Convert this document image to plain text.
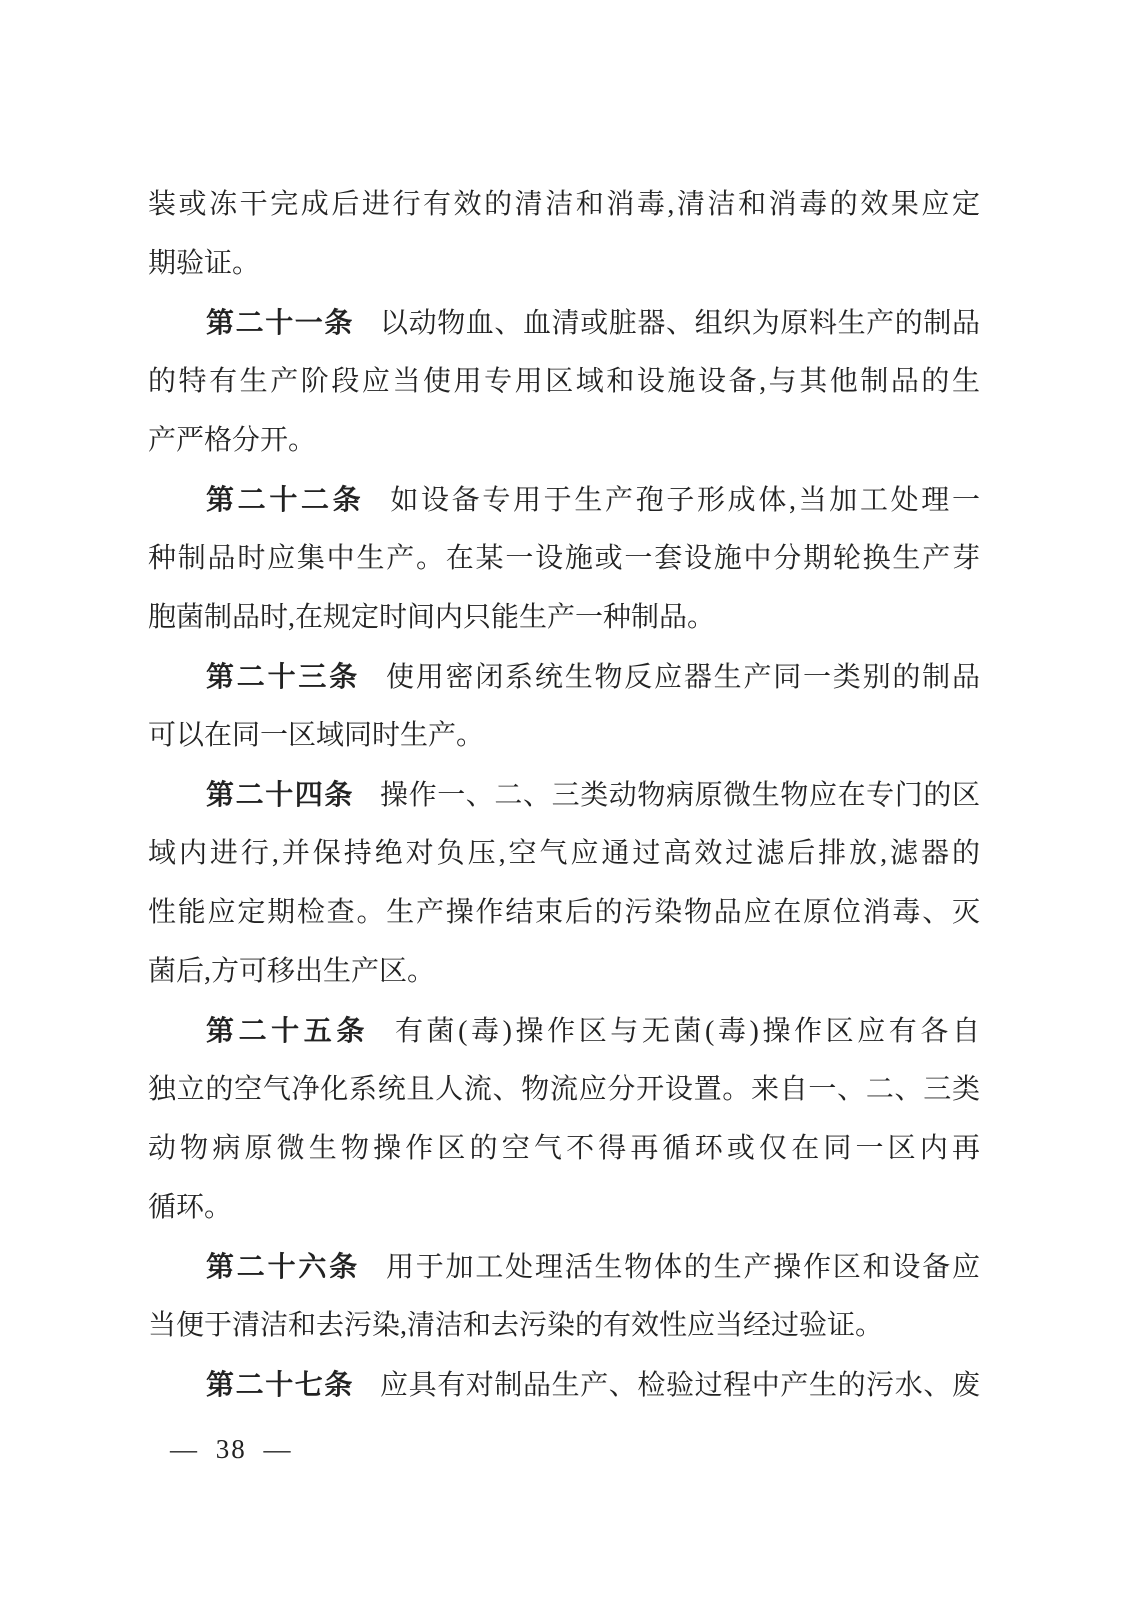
装或冻干完成后进行有效的清洁和消毒,清洁和消毒的效果应定
期验证。
第二十一条 以动物血、血清或脏器、组织为原料生产的制品
的特有生产阶段应当使用专用区域和设施设备,与其他制品的生
产严格分开。
第二十二条 如设备专用于生产孢子形成体,当加工处理一
种制品时应集中生产。在某一设施或一套设施中分期轮换生产芽
胞菌制品时,在规定时间内只能生产一种制品。
第二十三条 使用密闭系统生物反应器生产同一类别的制品
可以在同一区域同时生产。
第二十四条 操作一、二、三类动物病原微生物应在专门的区
域内进行,并保持绝对负压,空气应通过高效过滤后排放,滤器的
性能应定期检查。生产操作结束后的污染物品应在原位消毒、灭
菌后,方可移出生产区。
第二十五条 有菌(毒)操作区与无菌(毒)操作区应有各自
独立的空气净化系统且人流、物流应分开设置。来自一、二、三类
动物病原微生物操作区的空气不得再循环或仅在同一区内再
循环。
第二十六条 用于加工处理活生物体的生产操作区和设备应
当便于清洁和去污染,清洁和去污染的有效性应当经过验证。
第二十七条 应具有对制品生产、检验过程中产生的污水、废
— 38 —
